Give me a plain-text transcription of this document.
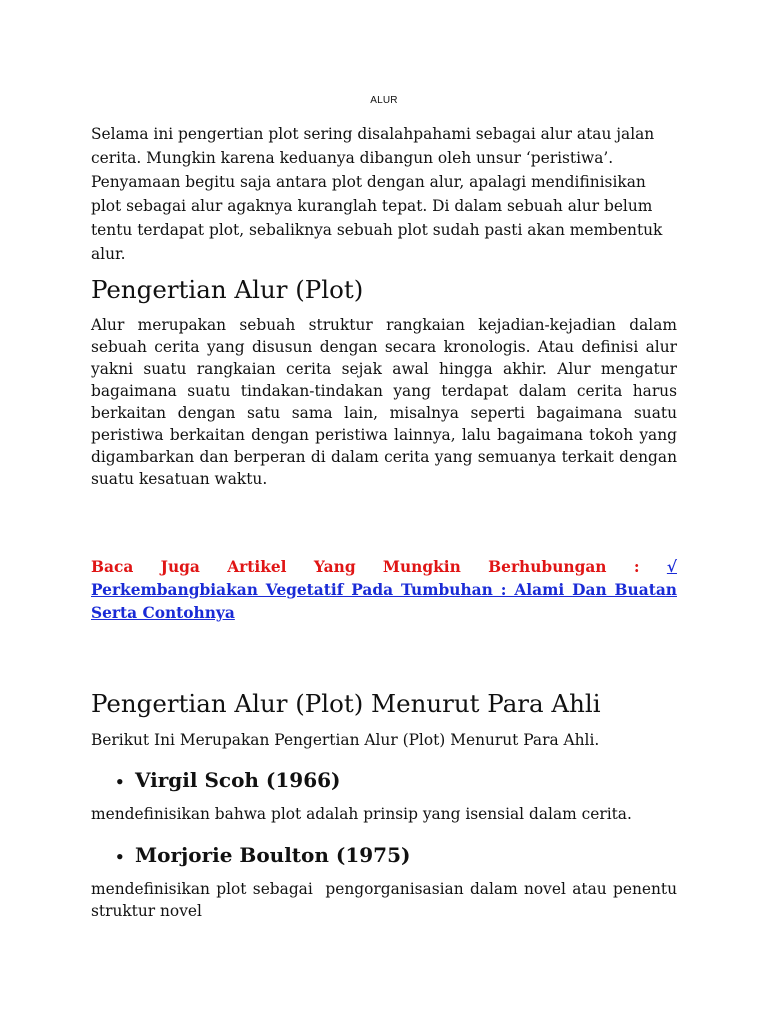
ALUR

Selama ini pengertian plot sering disalahpahami sebagai alur atau jalan cerita. Mungkin karena keduanya dibangun oleh unsur ‘peristiwa’. Penyamaan begitu saja antara plot dengan alur, apalagi mendifinisikan plot sebagai alur agaknya kuranglah tepat. Di dalam sebuah alur belum tentu terdapat plot, sebaliknya sebuah plot sudah pasti akan membentuk alur.

Pengertian Alur (Plot)

Alur merupakan sebuah struktur rangkaian kejadian-kejadian dalam sebuah cerita yang disusun dengan secara kronologis. Atau definisi alur yakni suatu rangkaian cerita sejak awal hingga akhir. Alur mengatur bagaimana suatu tindakan-tindakan yang terdapat dalam cerita harus berkaitan dengan satu sama lain, misalnya seperti bagaimana suatu peristiwa berkaitan dengan peristiwa lainnya, lalu bagaimana tokoh yang digambarkan dan berperan di dalam cerita yang semuanya terkait dengan suatu kesatuan waktu.

Baca Juga Artikel Yang Mungkin Berhubungan : √ Perkembangbiakan Vegetatif Pada Tumbuhan : Alami Dan Buatan Serta Contohnya

Pengertian Alur (Plot) Menurut Para Ahli

Berikut Ini Merupakan Pengertian Alur (Plot) Menurut Para Ahli.

• Virgil Scoh (1966)

mendefinisikan bahwa plot adalah prinsip yang isensial dalam cerita.

• Morjorie Boulton (1975)

mendefinisikan plot sebagai  pengorganisasian dalam novel atau penentu struktur novel
